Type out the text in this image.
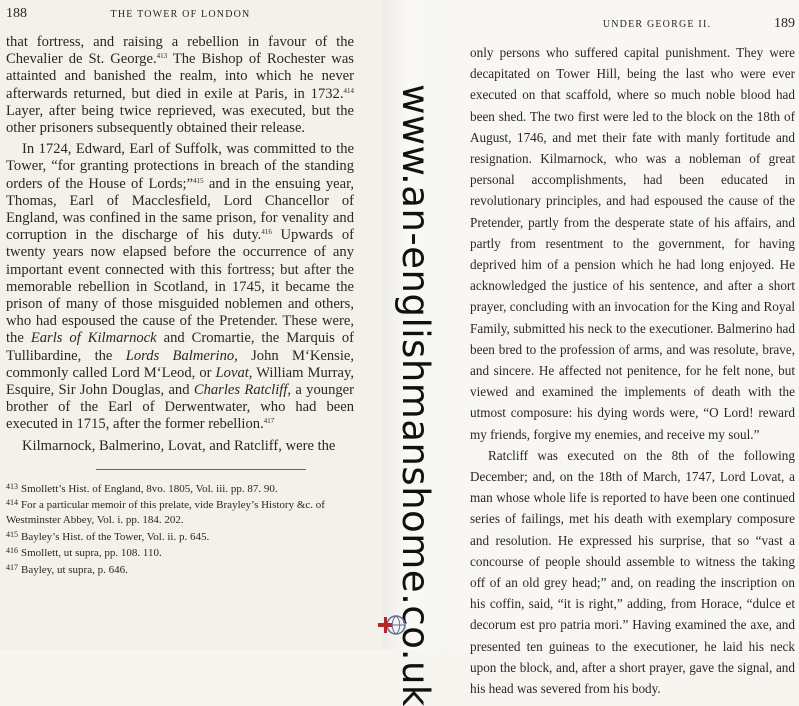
188	THE TOWER OF LONDON

that fortress, and raising a rebellion in favour of the Chevalier de St. George.$^{413}$ The Bishop of Rochester was attainted and banished the realm, into which he never afterwards returned, but died in exile at Paris, in 1732.$^{414}$ Layer, after being twice reprieved, was executed, but the other prisoners subsequently obtained their release.

In 1724, Edward, Earl of Suffolk, was committed to the Tower, “for granting protections in breach of the standing orders of the House of Lords;”$^{415}$ and in the ensuing year, Thomas, Earl of Macclesfield, Lord Chancellor of England, was confined in the same prison, for venality and corruption in the discharge of his duty.$^{416}$ Upwards of twenty years now elapsed before the occurrence of any important event connected with this fortress; but after the memorable rebellion in Scotland, in 1745, it became the prison of many of those misguided noblemen and others, who had espoused the cause of the Pretender. These were, the Earls of Kilmarnock and Cromartie, the Marquis of Tullibardine, the Lords Balmerino, John M‘Kensie, commonly called Lord M‘Leod, or Lovat, William Murray, Esquire, Sir John Douglas, and Charles Ratcliff, a younger brother of the Earl of Derwentwater, who had been executed in 1715, after the former rebellion.$^{417}$

Kilmarnock, Balmerino, Lovat, and Ratcliff, were the

$^{413}$ Smollett’s Hist. of England, 8vo. 1805, Vol. iii. pp. 87. 90.
$^{414}$ For a particular memoir of this prelate, vide Brayley’s History &c. of Westminster Abbey, Vol. i. pp. 184. 202.
$^{415}$ Bayley’s Hist. of the Tower, Vol. ii. p. 645.
$^{416}$ Smollett, ut supra, pp. 108. 110.
$^{417}$ Bayley, ut supra, p. 646.
UNDER GEORGE II.	189

only persons who suffered capital punishment. They were decapitated on Tower Hill, being the last who were ever executed on that scaffold, where so much noble blood had been shed. The two first were led to the block on the 18th of August, 1746, and met their fate with manly fortitude and resignation. Kilmarnock, who was a nobleman of great personal accomplishments, had been educated in revolutionary principles, and had espoused the cause of the Pretender, partly from the desperate state of his affairs, and partly from resentment to the government, for having deprived him of a pension which he had long enjoyed. He acknowledged the justice of his sentence, and after a short prayer, concluding with an invocation for the King and Royal Family, submitted his neck to the executioner. Balmerino had been bred to the profession of arms, and was resolute, brave, and sincere. He affected not penitence, for he felt none, but viewed and examined the implements of death with the utmost composure: his dying words were, “O Lord! reward my friends, forgive my enemies, and receive my soul.”

Ratcliff was executed on the 8th of the following December; and, on the 18th of March, 1747, Lord Lovat, a man whose whole life is reported to have been one continued series of failings, met his death with exemplary composure and resolution. He expressed his surprise, that so “vast a concourse of people should assemble to witness the taking off of an old grey head;” and, on reading the inscription on his coffin, said, “it is right,” adding, from Horace, “dulce et decorum est pro patria mori.” Having examined the axe, and presented ten guineas to the executioner, he laid his neck upon the block, and, after a short prayer, gave the signal, and his head was severed from his body.

www.an-englishmanshome.co.uk
